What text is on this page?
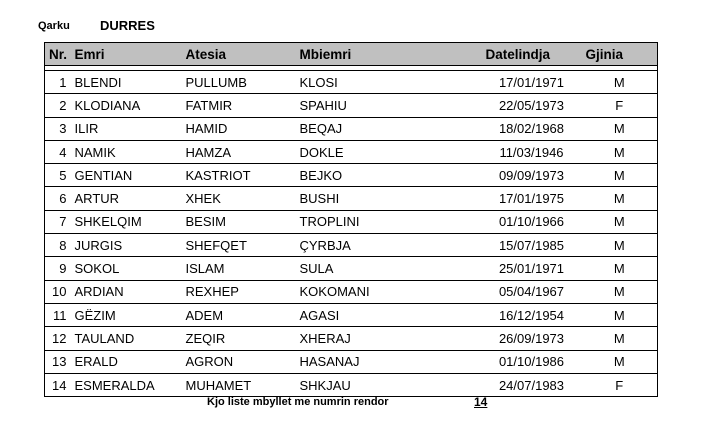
Qarku DURRES
Nr.	Emri	Atesia	Mbiemri	Datelindja	Gjinia

1	BLENDI	PULLUMB	KLOSI	17/01/1971	M
2	KLODIANA	FATMIR	SPAHIU	22/05/1973	F
3	ILIR	HAMID	BEQAJ	18/02/1968	M
4	NAMIK	HAMZA	DOKLE	11/03/1946	M
5	GENTIAN	KASTRIOT	BEJKO	09/09/1973	M
6	ARTUR	XHEK	BUSHI	17/01/1975	M
7	SHKELQIM	BESIM	TROPLINI	01/10/1966	M
8	JURGIS	SHEFQET	ÇYRBJA	15/07/1985	M
9	SOKOL	ISLAM	SULA	25/01/1971	M
10	ARDIAN	REXHEP	KOKOMANI	05/04/1967	M
11	GËZIM	ADEM	AGASI	16/12/1954	M
12	TAULAND	ZEQIR	XHERAJ	26/09/1973	M
13	ERALD	AGRON	HASANAJ	01/10/1986	M
14	ESMERALDA	MUHAMET	SHKJAU	24/07/1983	F
Kjo liste mbyllet me numrin rendor	14
